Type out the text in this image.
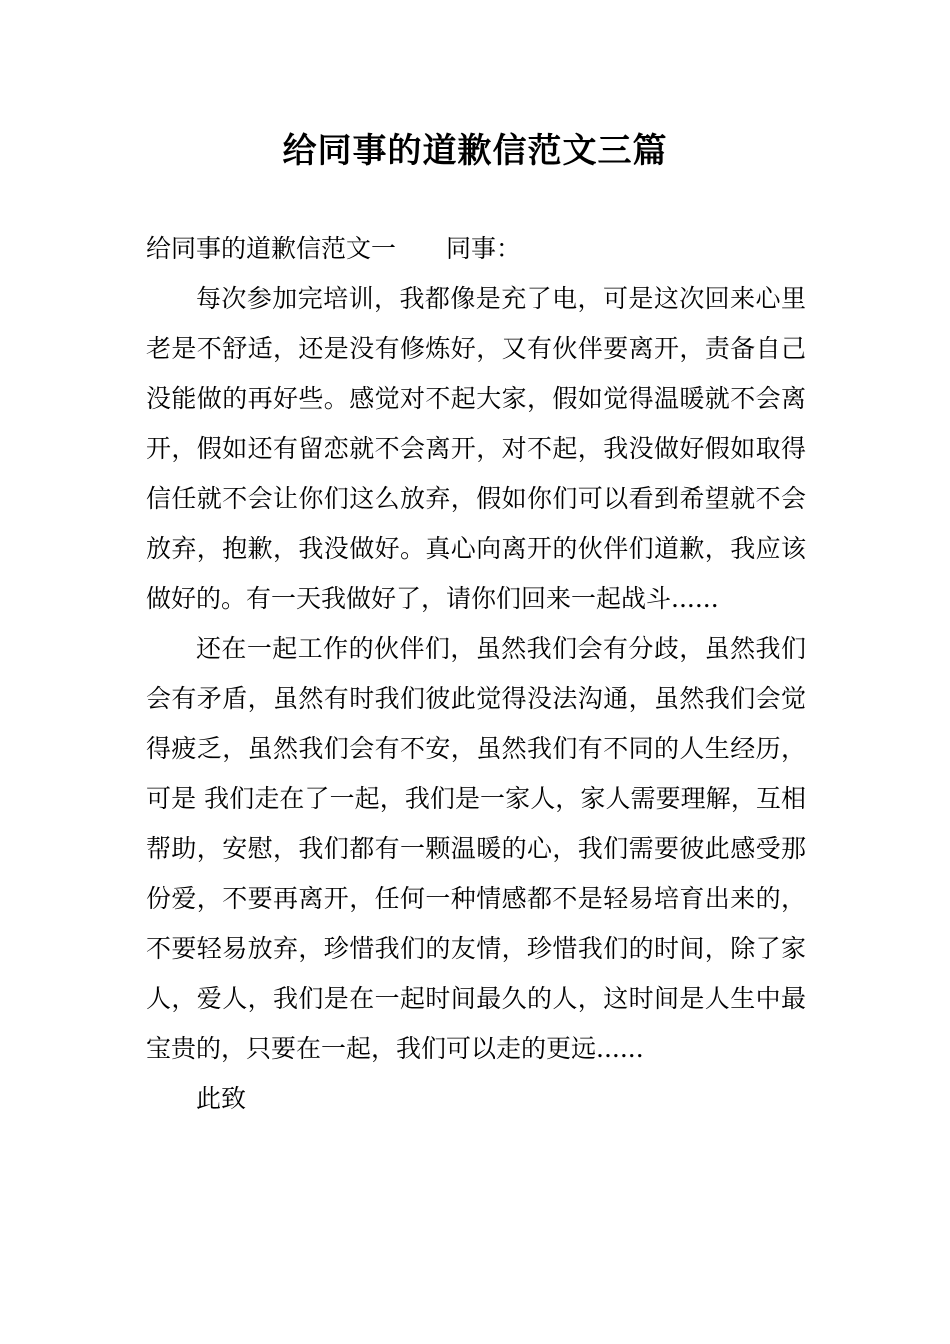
给同事的道歉信范文三篇

给同事的道歉信范文一 同事：

每次参加完培训，我都像是充了电，可是这次回来心里老是不舒适，还是没有修炼好，又有伙伴要离开，责备自己没能做的再好些。感觉对不起大家，假如觉得温暖就不会离开，假如还有留恋就不会离开，对不起，我没做好假如取得信任就不会让你们这么放弃，假如你们可以看到希望就不会放弃，抱歉，我没做好。真心向离开的伙伴们道歉，我应该做好的。有一天我做好了，请你们回来一起战斗......

还在一起工作的伙伴们，虽然我们会有分歧，虽然我们会有矛盾，虽然有时我们彼此觉得没法沟通，虽然我们会觉得疲乏，虽然我们会有不安，虽然我们有不同的人生经历，可是 我们走在了一起，我们是一家人，家人需要理解，互相帮助，安慰，我们都有一颗温暖的心，我们需要彼此感受那份爱，不要再离开，任何一种情感都不是轻易培育出来的，不要轻易放弃，珍惜我们的友情，珍惜我们的时间，除了家人，爱人，我们是在一起时间最久的人，这时间是人生中最宝贵的，只要在一起，我们可以走的更远......

此致
